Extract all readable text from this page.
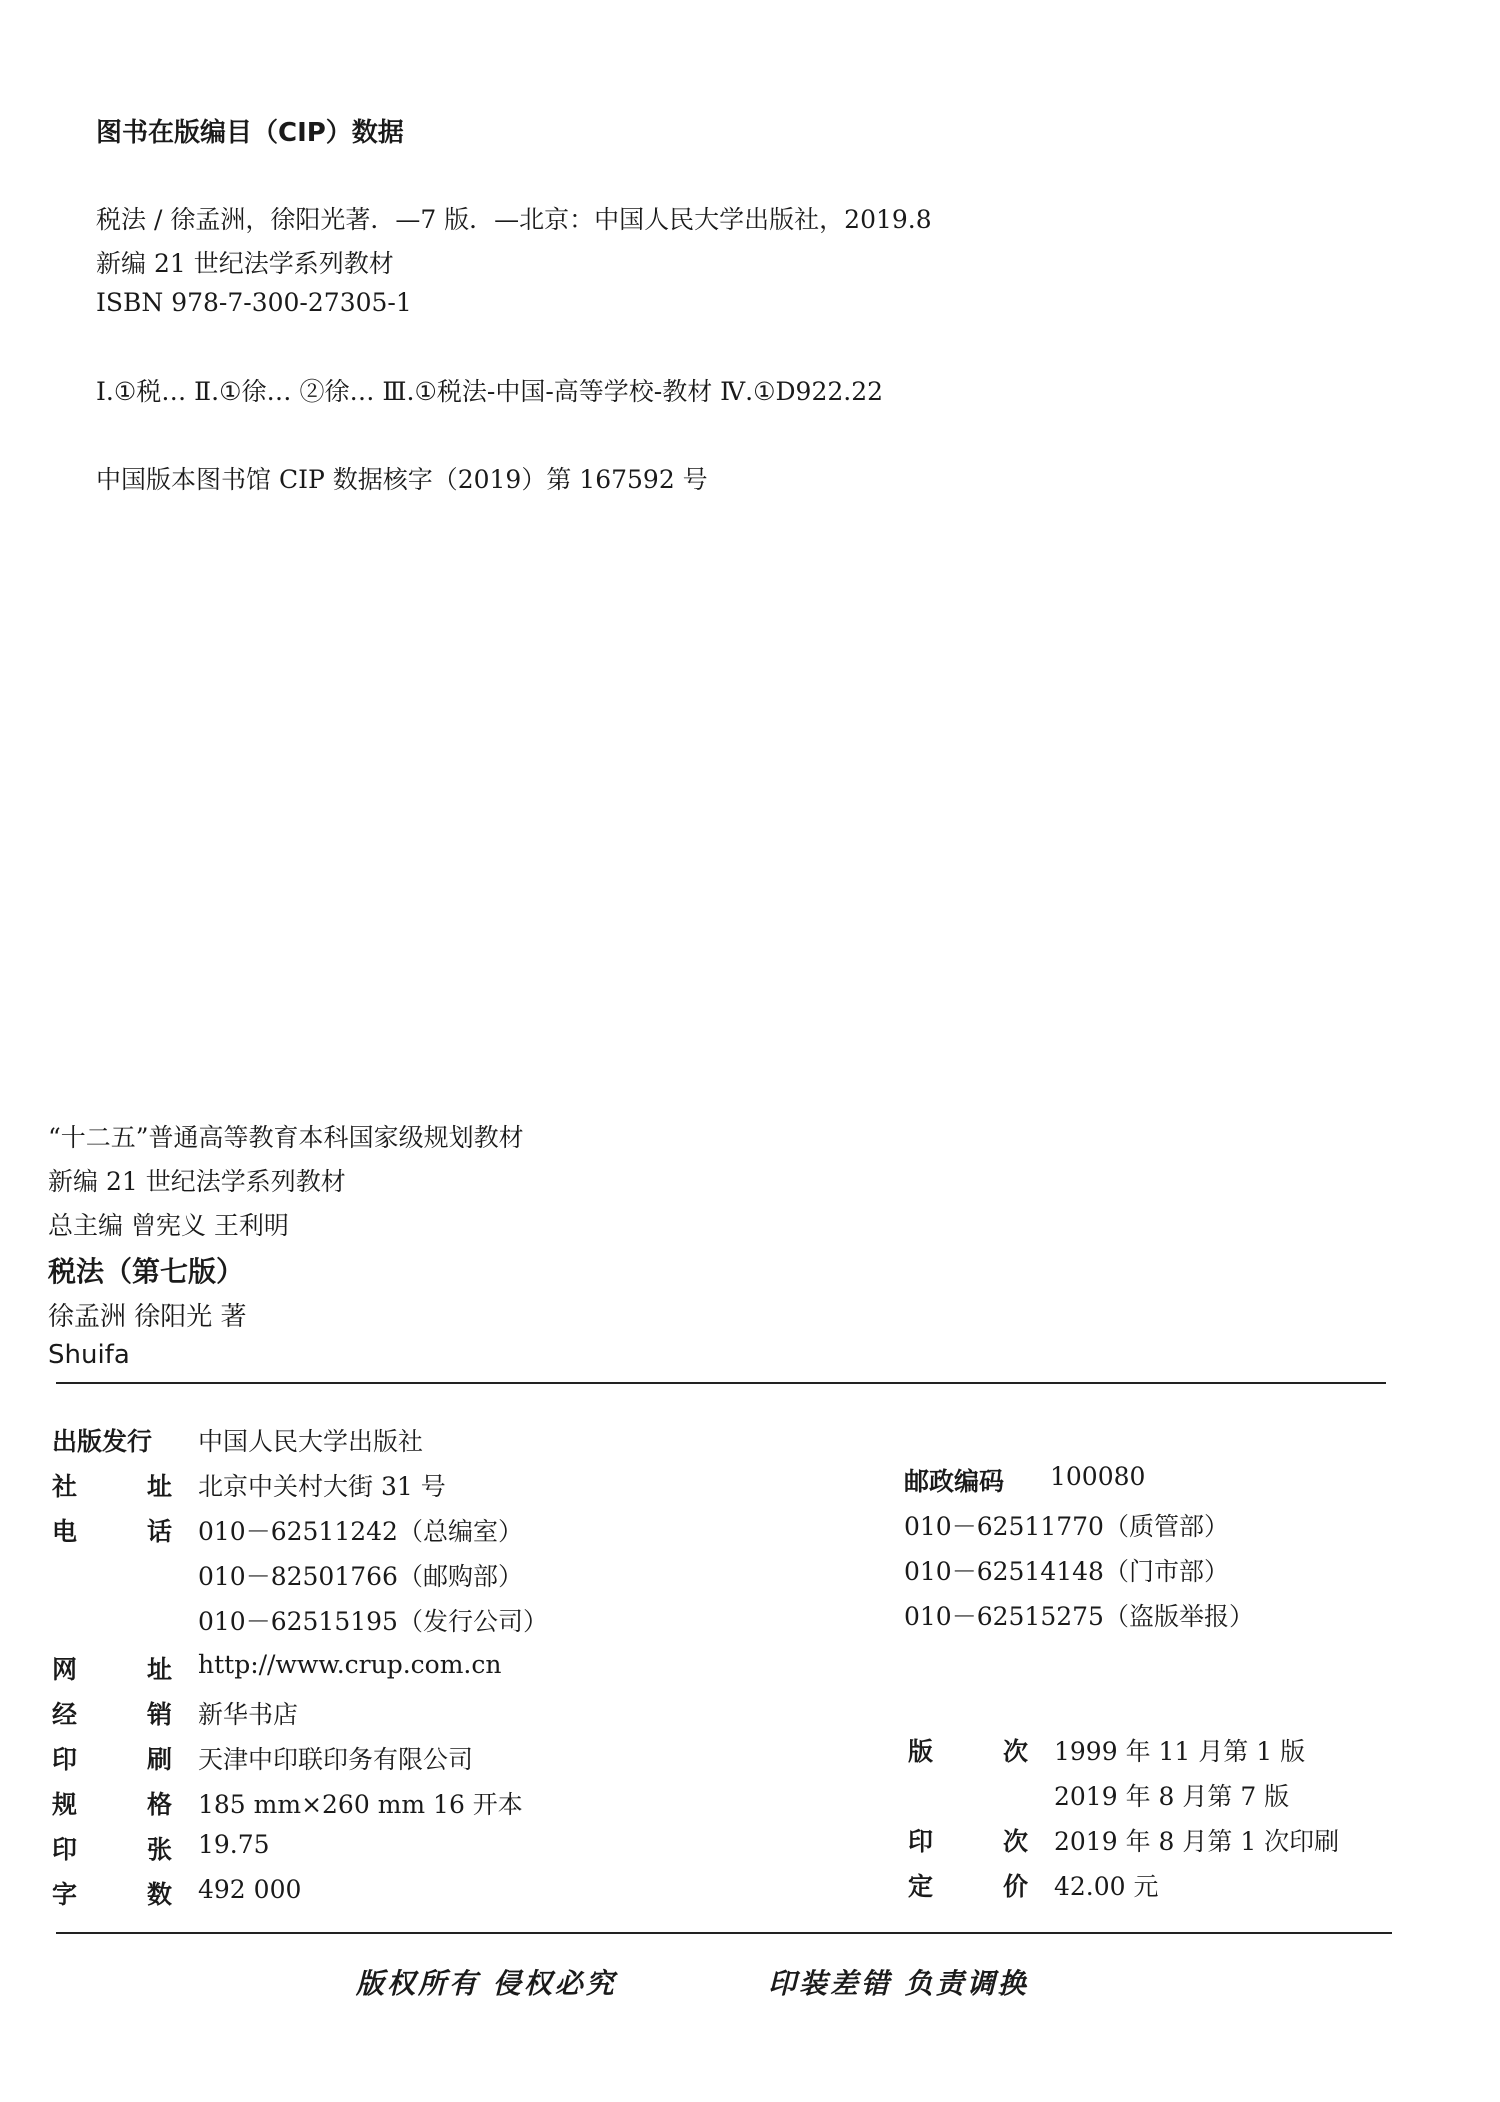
图书在版编目（CIP）数据
税法 / 徐孟洲，徐阳光著．—7 版．—北京：中国人民大学出版社，2019.8
新编 21 世纪法学系列教材
ISBN 978-7-300-27305-1
Ⅰ.①税… Ⅱ.①徐… ②徐… Ⅲ.①税法-中国-高等学校-教材 Ⅳ.①D922.22
中国版本图书馆 CIP 数据核字（2019）第 167592 号
“十二五”普通高等教育本科国家级规划教材
新编 21 世纪法学系列教材
总主编 曾宪义 王利明
税法（第七版）
徐孟洲 徐阳光 著
Shuifa
出版发行 中国人民大学出版社
社	址 北京中关村大街 31 号
电	话 010－62511242（总编室）
010－82501766（邮购部）
010－62515195（发行公司）
网	址 http://www.crup.com.cn
经	销 新华书店
印	刷 天津中印联印务有限公司
规	格 185 mm×260 mm 16 开本
印	张 19.75
字	数 492 000
邮政编码 100080
010－62511770（质管部）
010－62514148（门市部）
010－62515275（盗版举报）
版	次 1999 年 11 月第 1 版
2019 年 8 月第 7 版
印	次 2019 年 8 月第 1 次印刷
定	价 42.00 元
版权所有 侵权必究	印装差错 负责调换
